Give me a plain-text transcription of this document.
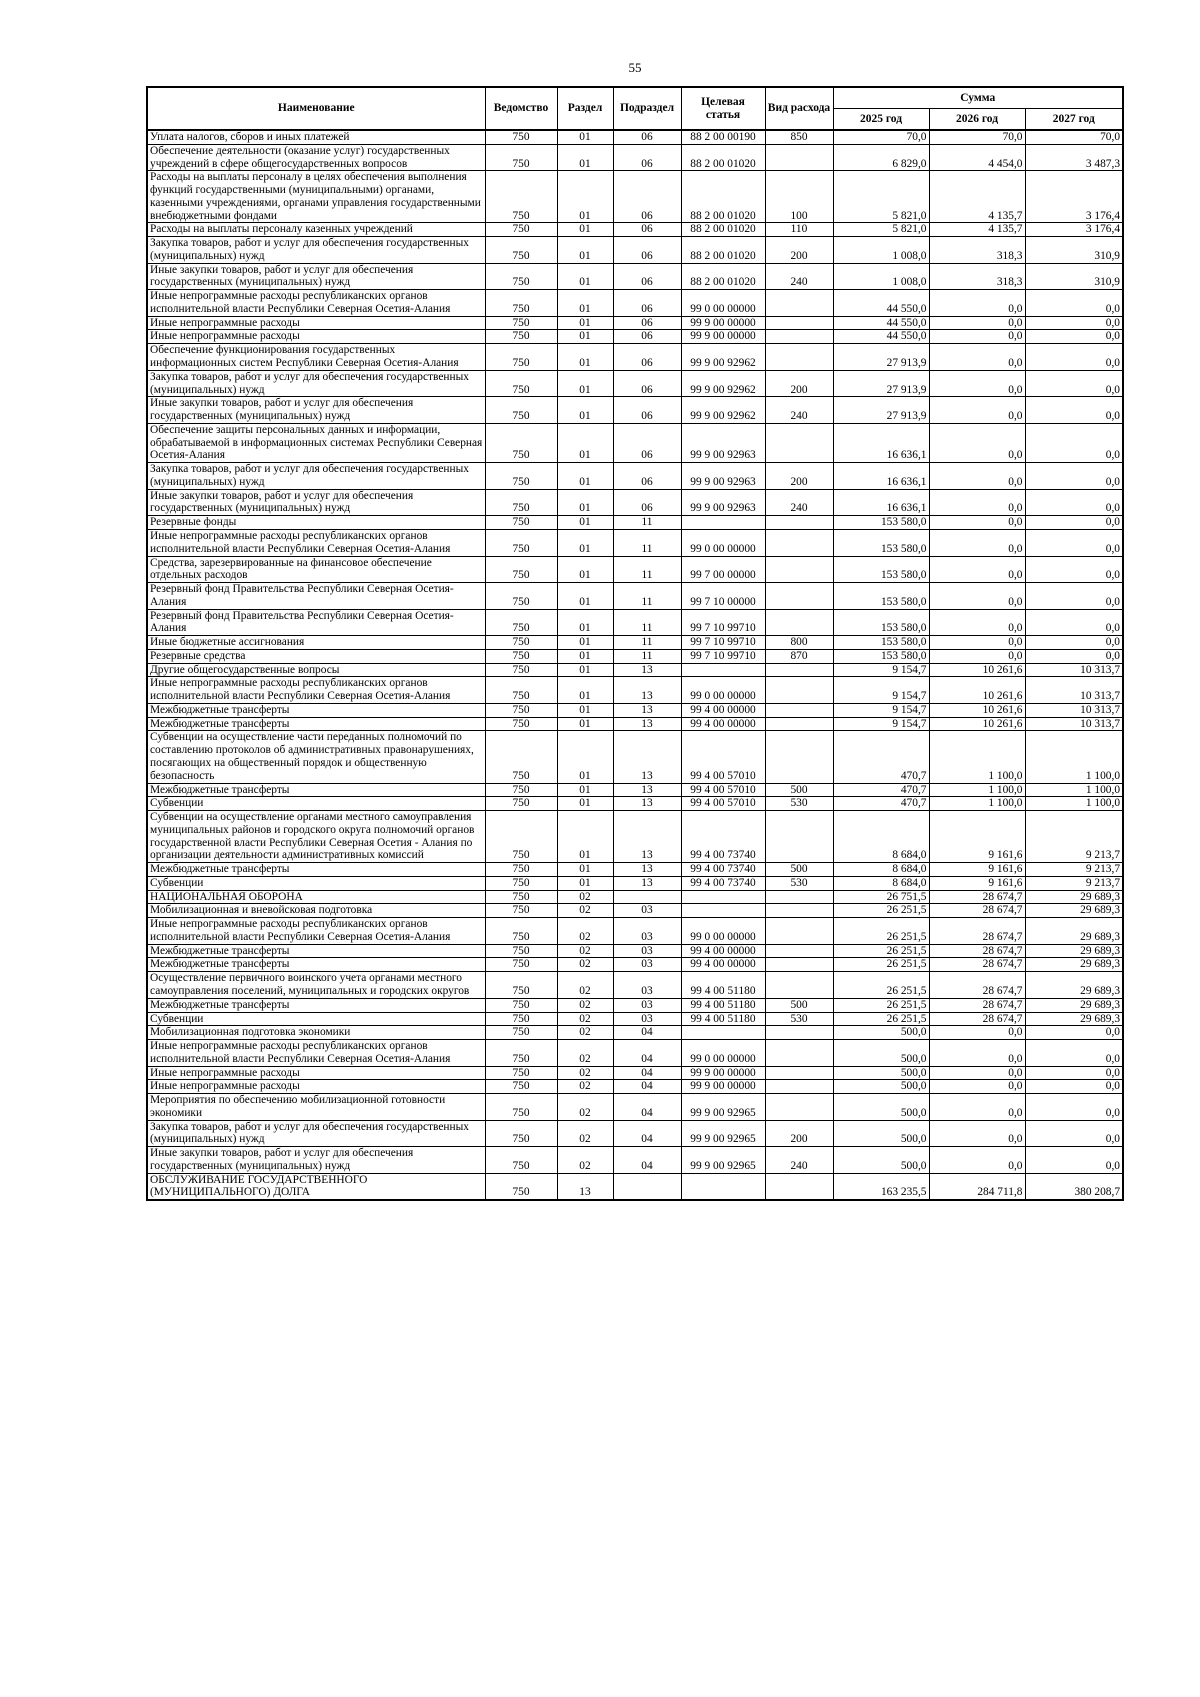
55
Наименование	Ведомство	Раздел	Подраздел	Целевая статья	Вид расхода	Сумма		
						2025 год	2026 год	2027 год
Уплата налогов, сборов и иных платежей	750	01	06	88 2 00 00190	850	70,0	70,0	70,0
Обеспечение деятельности (оказание услуг) государственных учреждений в сфере общегосударственных вопросов	750	01	06	88 2 00 01020		6 829,0	4 454,0	3 487,3
Расходы на выплаты персоналу в целях обеспечения выполнения функций государственными (муниципальными) органами, казенными учреждениями, органами управления государственными внебюджетными фондами	750	01	06	88 2 00 01020	100	5 821,0	4 135,7	3 176,4
Расходы на выплаты персоналу казенных учреждений	750	01	06	88 2 00 01020	110	5 821,0	4 135,7	3 176,4
Закупка товаров, работ и услуг для обеспечения государственных (муниципальных) нужд	750	01	06	88 2 00 01020	200	1 008,0	318,3	310,9
Иные закупки товаров, работ и услуг для обеспечения государственных (муниципальных) нужд	750	01	06	88 2 00 01020	240	1 008,0	318,3	310,9
Иные непрограммные расходы республиканских органов исполнительной власти Республики Северная Осетия-Алания	750	01	06	99 0 00 00000		44 550,0	0,0	0,0
Иные непрограммные расходы	750	01	06	99 9 00 00000		44 550,0	0,0	0,0
Иные непрограммные расходы	750	01	06	99 9 00 00000		44 550,0	0,0	0,0
Обеспечение функционирования государственных информационных систем Республики Северная Осетия-Алания	750	01	06	99 9 00 92962		27 913,9	0,0	0,0
Закупка товаров, работ и услуг для обеспечения государственных (муниципальных) нужд	750	01	06	99 9 00 92962	200	27 913,9	0,0	0,0
Иные закупки товаров, работ и услуг для обеспечения государственных (муниципальных) нужд	750	01	06	99 9 00 92962	240	27 913,9	0,0	0,0
Обеспечение защиты персональных данных и информации, обрабатываемой в информационных системах Республики Северная Осетия-Алания	750	01	06	99 9 00 92963		16 636,1	0,0	0,0
Закупка товаров, работ и услуг для обеспечения государственных (муниципальных) нужд	750	01	06	99 9 00 92963	200	16 636,1	0,0	0,0
Иные закупки товаров, работ и услуг для обеспечения государственных (муниципальных) нужд	750	01	06	99 9 00 92963	240	16 636,1	0,0	0,0
Резервные фонды	750	01	11			153 580,0	0,0	0,0
Иные непрограммные расходы республиканских органов исполнительной власти Республики Северная Осетия-Алания	750	01	11	99 0 00 00000		153 580,0	0,0	0,0
Средства, зарезервированные на финансовое обеспечение отдельных расходов	750	01	11	99 7 00 00000		153 580,0	0,0	0,0
Резервный фонд Правительства Республики Северная Осетия-Алания	750	01	11	99 7 10 00000		153 580,0	0,0	0,0
Резервный фонд Правительства Республики Северная Осетия-Алания	750	01	11	99 7 10 99710		153 580,0	0,0	0,0
Иные бюджетные ассигнования	750	01	11	99 7 10 99710	800	153 580,0	0,0	0,0
Резервные средства	750	01	11	99 7 10 99710	870	153 580,0	0,0	0,0
Другие общегосударственные вопросы	750	01	13			9 154,7	10 261,6	10 313,7
Иные непрограммные расходы республиканских органов исполнительной власти Республики Северная Осетия-Алания	750	01	13	99 0 00 00000		9 154,7	10 261,6	10 313,7
Межбюджетные трансферты	750	01	13	99 4 00 00000		9 154,7	10 261,6	10 313,7
Межбюджетные трансферты	750	01	13	99 4 00 00000		9 154,7	10 261,6	10 313,7
Субвенции на осуществление части переданных полномочий по составлению протоколов об административных правонарушениях, посягающих на общественный порядок и общественную безопасность	750	01	13	99 4 00 57010		470,7	1 100,0	1 100,0
Межбюджетные трансферты	750	01	13	99 4 00 57010	500	470,7	1 100,0	1 100,0
Субвенции	750	01	13	99 4 00 57010	530	470,7	1 100,0	1 100,0
Субвенции на осуществление органами местного самоуправления муниципальных районов и городского округа полномочий органов государственной власти Республики Северная Осетия - Алания по организации деятельности административных комиссий	750	01	13	99 4 00 73740		8 684,0	9 161,6	9 213,7
Межбюджетные трансферты	750	01	13	99 4 00 73740	500	8 684,0	9 161,6	9 213,7
Субвенции	750	01	13	99 4 00 73740	530	8 684,0	9 161,6	9 213,7
НАЦИОНАЛЬНАЯ ОБОРОНА	750	02				26 751,5	28 674,7	29 689,3
Мобилизационная и вневойсковая подготовка	750	02	03			26 251,5	28 674,7	29 689,3
Иные непрограммные расходы республиканских органов исполнительной власти Республики Северная Осетия-Алания	750	02	03	99 0 00 00000		26 251,5	28 674,7	29 689,3
Межбюджетные трансферты	750	02	03	99 4 00 00000		26 251,5	28 674,7	29 689,3
Межбюджетные трансферты	750	02	03	99 4 00 00000		26 251,5	28 674,7	29 689,3
Осуществление первичного воинского учета органами местного самоуправления поселений, муниципальных и городских округов	750	02	03	99 4 00 51180		26 251,5	28 674,7	29 689,3
Межбюджетные трансферты	750	02	03	99 4 00 51180	500	26 251,5	28 674,7	29 689,3
Субвенции	750	02	03	99 4 00 51180	530	26 251,5	28 674,7	29 689,3
Мобилизационная подготовка экономики	750	02	04			500,0	0,0	0,0
Иные непрограммные расходы республиканских органов исполнительной власти Республики Северная Осетия-Алания	750	02	04	99 0 00 00000		500,0	0,0	0,0
Иные непрограммные расходы	750	02	04	99 9 00 00000		500,0	0,0	0,0
Иные непрограммные расходы	750	02	04	99 9 00 00000		500,0	0,0	0,0
Мероприятия по обеспечению мобилизационной готовности экономики	750	02	04	99 9 00 92965		500,0	0,0	0,0
Закупка товаров, работ и услуг для обеспечения государственных (муниципальных) нужд	750	02	04	99 9 00 92965	200	500,0	0,0	0,0
Иные закупки товаров, работ и услуг для обеспечения государственных (муниципальных) нужд	750	02	04	99 9 00 92965	240	500,0	0,0	0,0
ОБСЛУЖИВАНИЕ ГОСУДАРСТВЕННОГО (МУНИЦИПАЛЬНОГО) ДОЛГА	750	13				163 235,5	284 711,8	380 208,7
